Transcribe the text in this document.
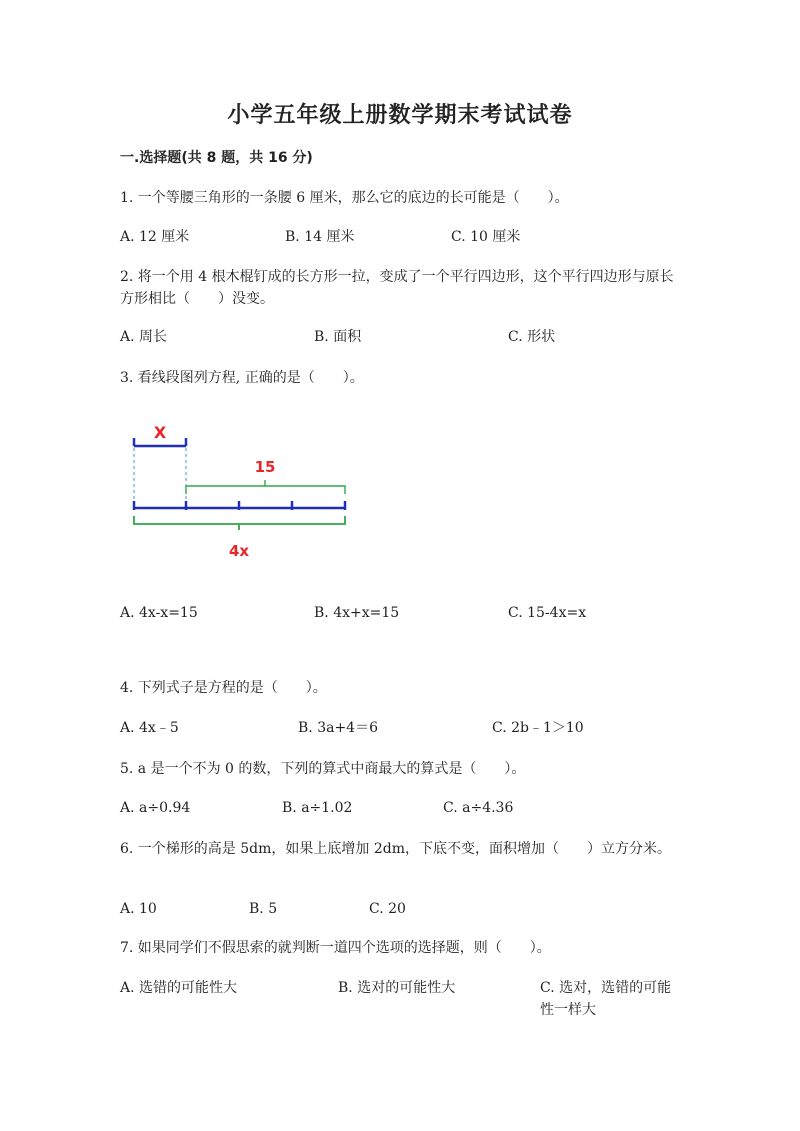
小学五年级上册数学期末考试试卷
一.选择题(共 8 题，共 16 分)
1. 一个等腰三角形的一条腰 6 厘米，那么它的底边的长可能是（　　）。
A. 12 厘米	B. 14 厘米	C. 10 厘米
2. 将一个用 4 根木棍钉成的长方形一拉，变成了一个平行四边形，这个平行四边形与原长方形相比（　　）没变。
A. 周长	B. 面积	C. 形状
3. 看线段图列方程, 正确的是（　　）。
X
15
4x
A. 4x-x=15	B. 4x+x=15	C. 15-4x=x
4. 下列式子是方程的是（　　）。
A. 4x﹣5	B. 3a+4＝6	C. 2b﹣1＞10
5. a 是一个不为 0 的数，下列的算式中商最大的算式是（　　）。
A. a÷0.94	B. a÷1.02	C. a÷4.36
6. 一个梯形的高是 5dm，如果上底增加 2dm，下底不变，面积增加（　　）立方分米。
A. 10	B. 5	C. 20
7. 如果同学们不假思索的就判断一道四个选项的选择题，则（　　）。
A. 选错的可能性大	B. 选对的可能性大	C. 选对，选错的可能性一样大
